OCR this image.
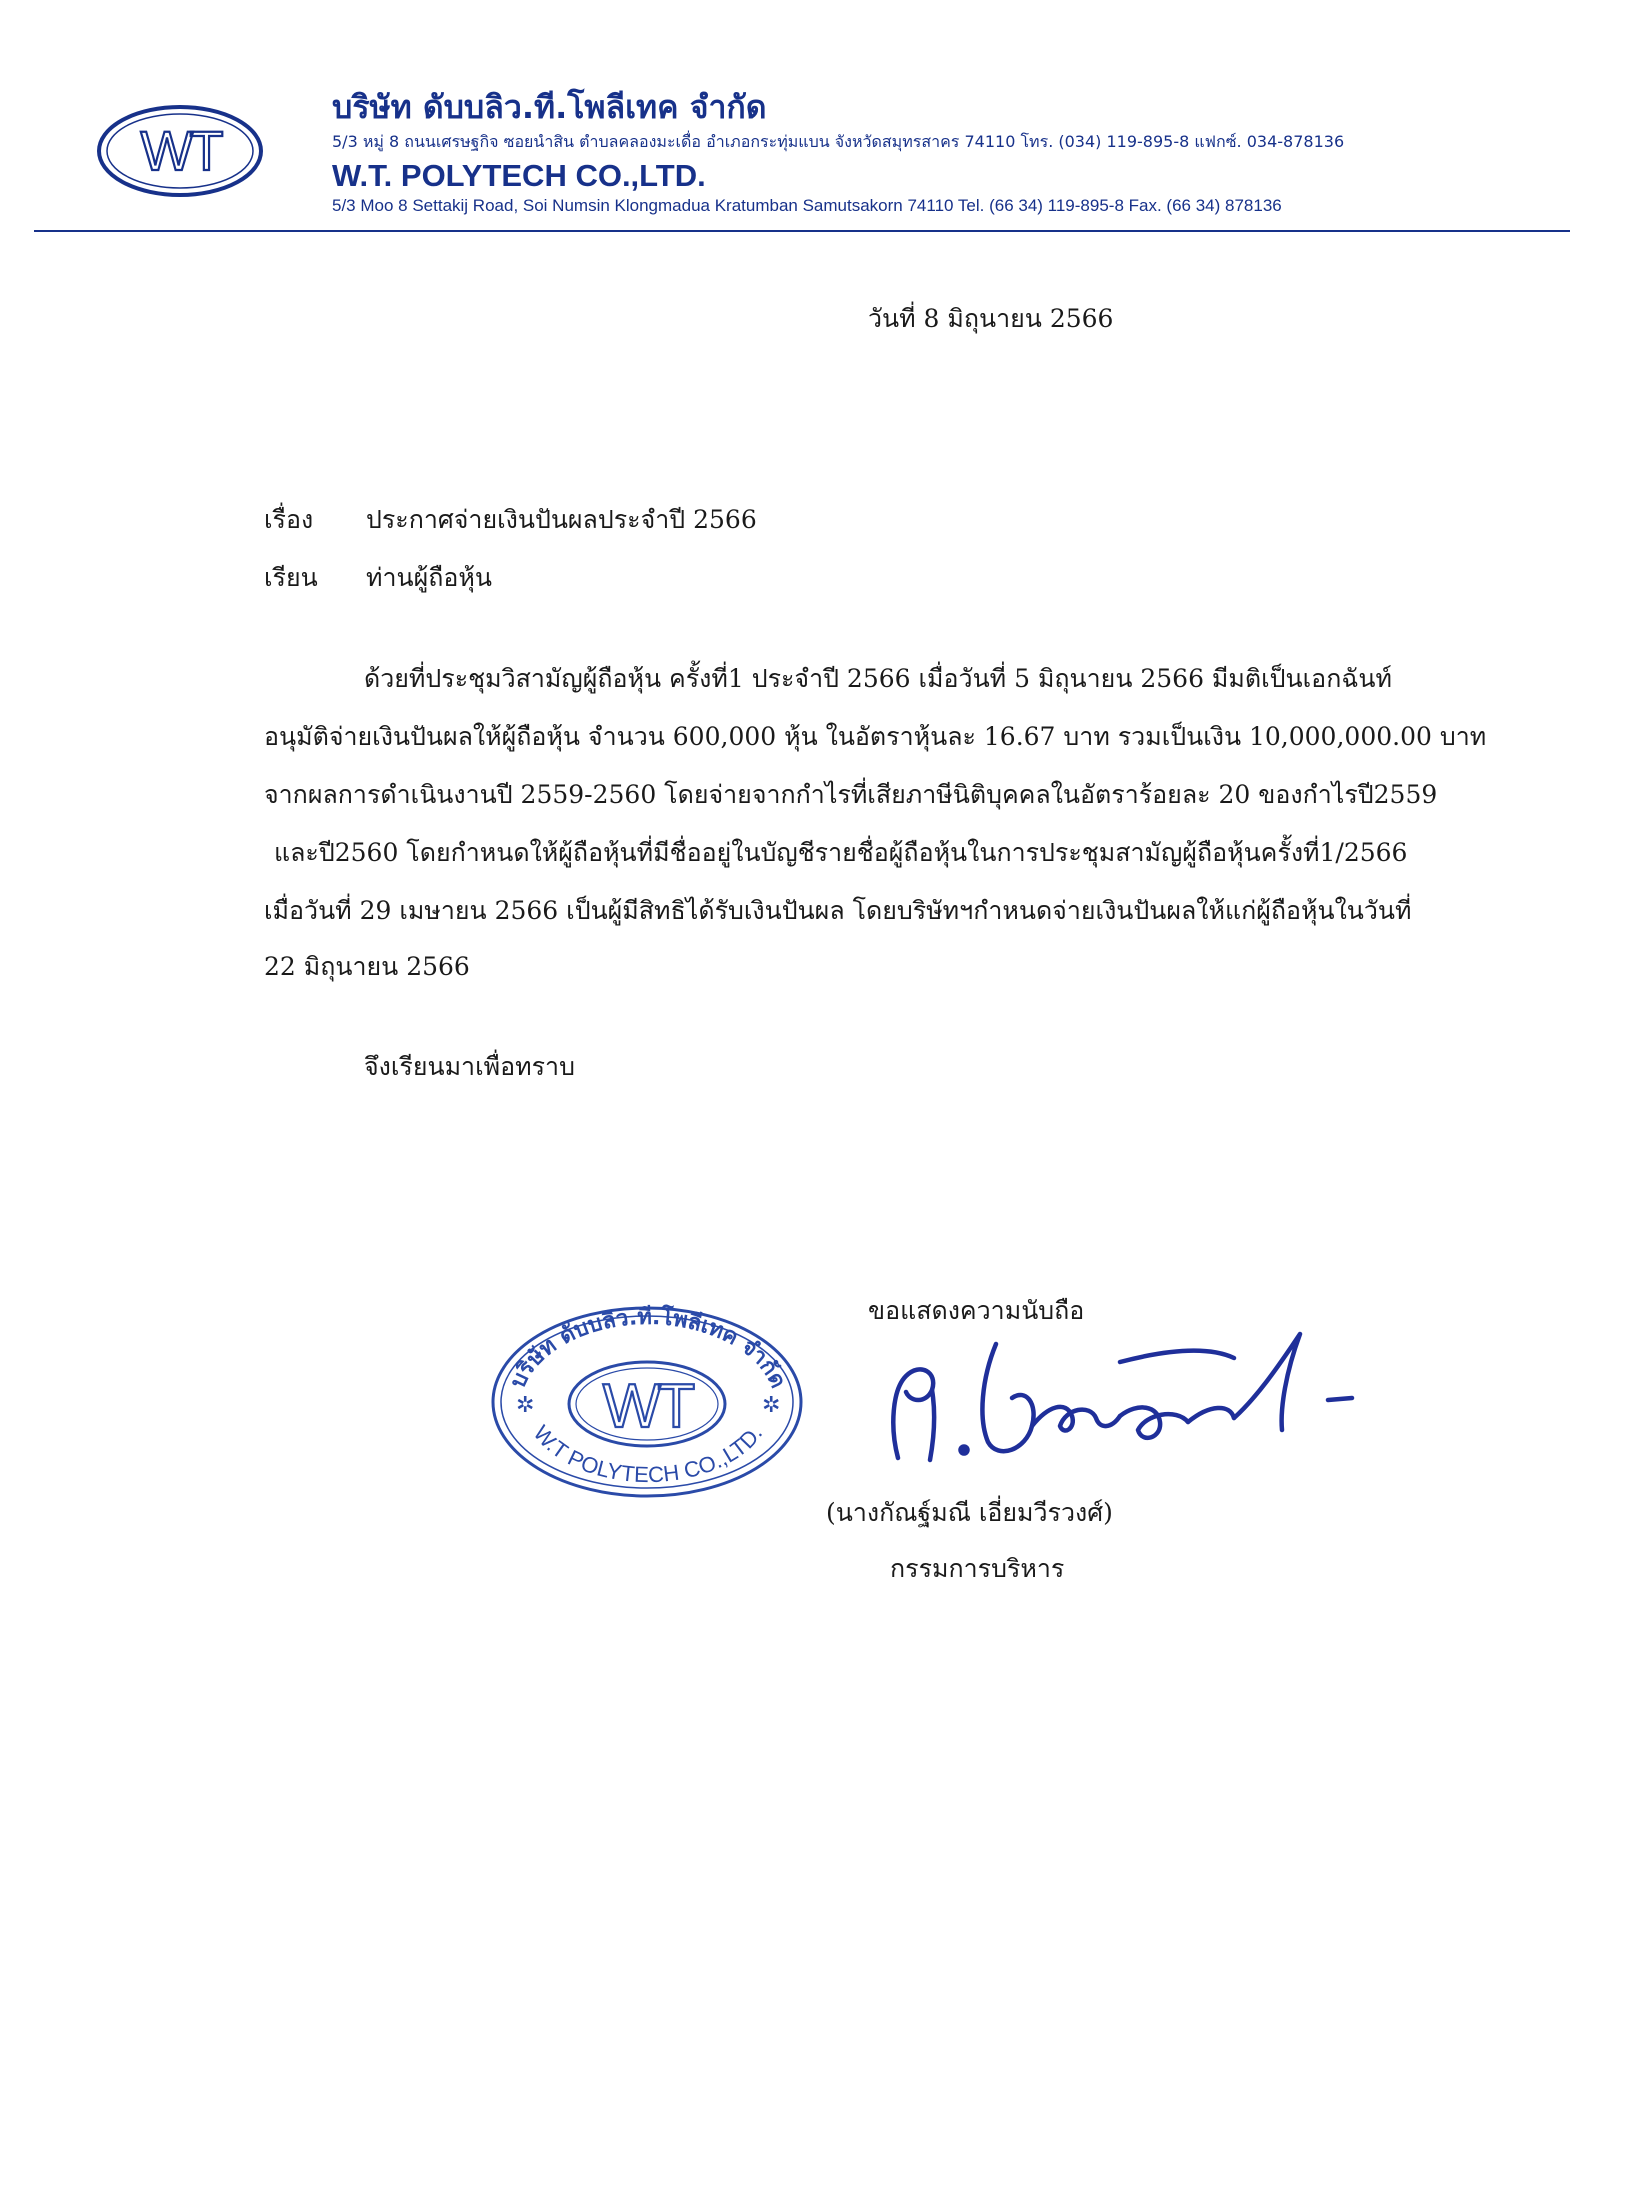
WT
บริษัท ดับบลิว.ที.โพลีเทค จำกัด
5/3 หมู่ 8 ถนนเศรษฐกิจ ซอยนำสิน ตำบลคลองมะเดื่อ อำเภอกระทุ่มแบน จังหวัดสมุทรสาคร 74110 โทร. (034) 119-895-8 แฟกซ์. 034-878136
W.T. POLYTECH CO.,LTD.
5/3 Moo 8 Settakij Road, Soi Numsin Klongmadua Kratumban Samutsakorn 74110 Tel. (66 34) 119-895-8 Fax. (66 34) 878136
วันที่ 8 มิถุนายน 2566
เรื่อง ประกาศจ่ายเงินปันผลประจำปี 2566
เรียน ท่านผู้ถือหุ้น
ด้วยที่ประชุมวิสามัญผู้ถือหุ้น ครั้งที่1 ประจำปี 2566 เมื่อวันที่ 5 มิถุนายน 2566 มีมติเป็นเอกฉันท์
อนุมัติจ่ายเงินปันผลให้ผู้ถือหุ้น จำนวน 600,000 หุ้น ในอัตราหุ้นละ 16.67 บาท รวมเป็นเงิน 10,000,000.00 บาท
จากผลการดำเนินงานปี 2559-2560 โดยจ่ายจากกำไรที่เสียภาษีนิติบุคคลในอัตราร้อยละ 20 ของกำไรปี2559
และปี2560 โดยกำหนดให้ผู้ถือหุ้นที่มีชื่ออยู่ในบัญชีรายชื่อผู้ถือหุ้นในการประชุมสามัญผู้ถือหุ้นครั้งที่1/2566
เมื่อวันที่ 29 เมษายน 2566 เป็นผู้มีสิทธิได้รับเงินปันผล โดยบริษัทฯกำหนดจ่ายเงินปันผลให้แก่ผู้ถือหุ้นในวันที่
22 มิถุนายน 2566
จึงเรียนมาเพื่อทราบ
บริษัท ดับบลิว.ที.โพลีเทค จำกัด
WT
W.T POLYTECH CO.,LTD.
✲	✲
ขอแสดงความนับถือ
(นางกัณฐ์มณี เอี่ยมวีรวงศ์)
กรรมการบริหาร
